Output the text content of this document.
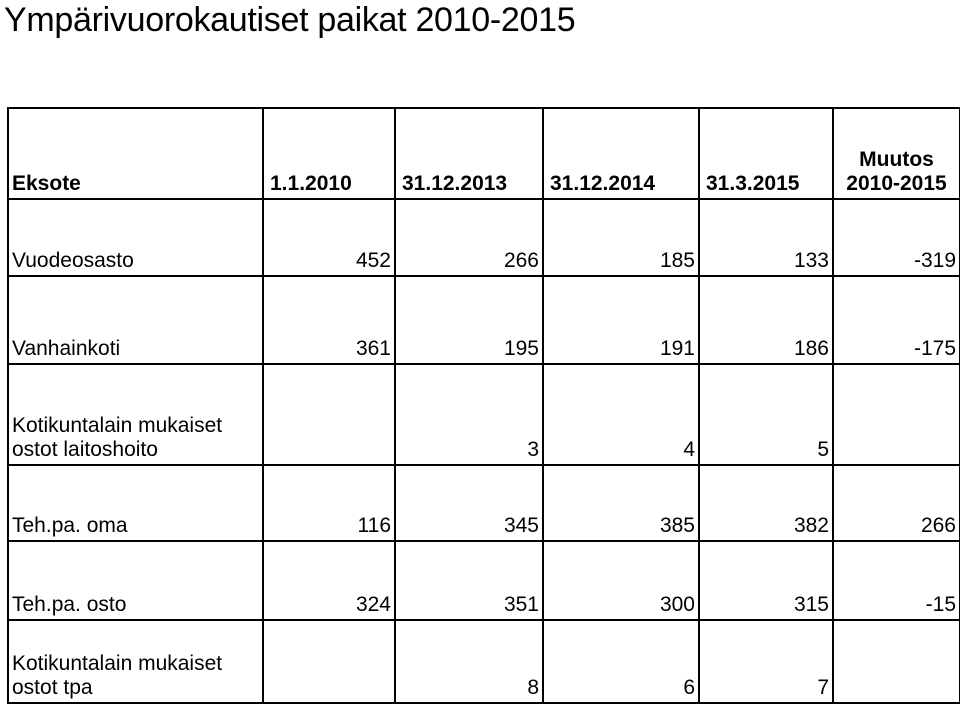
Ympärivuorokautiset paikat 2010-2015
Eksote	1.1.2010	31.12.2013	31.12.2014	31.3.2015	Muutos 2010-2015
Vuodeosasto	452	266	185	133	-319
Vanhainkoti	361	195	191	186	-175
Kotikuntalain mukaiset ostot laitoshoito		3	4	5	
Teh.pa. oma	116	345	385	382	266
Teh.pa. osto	324	351	300	315	-15
Kotikuntalain mukaiset ostot tpa		8	6	7	
